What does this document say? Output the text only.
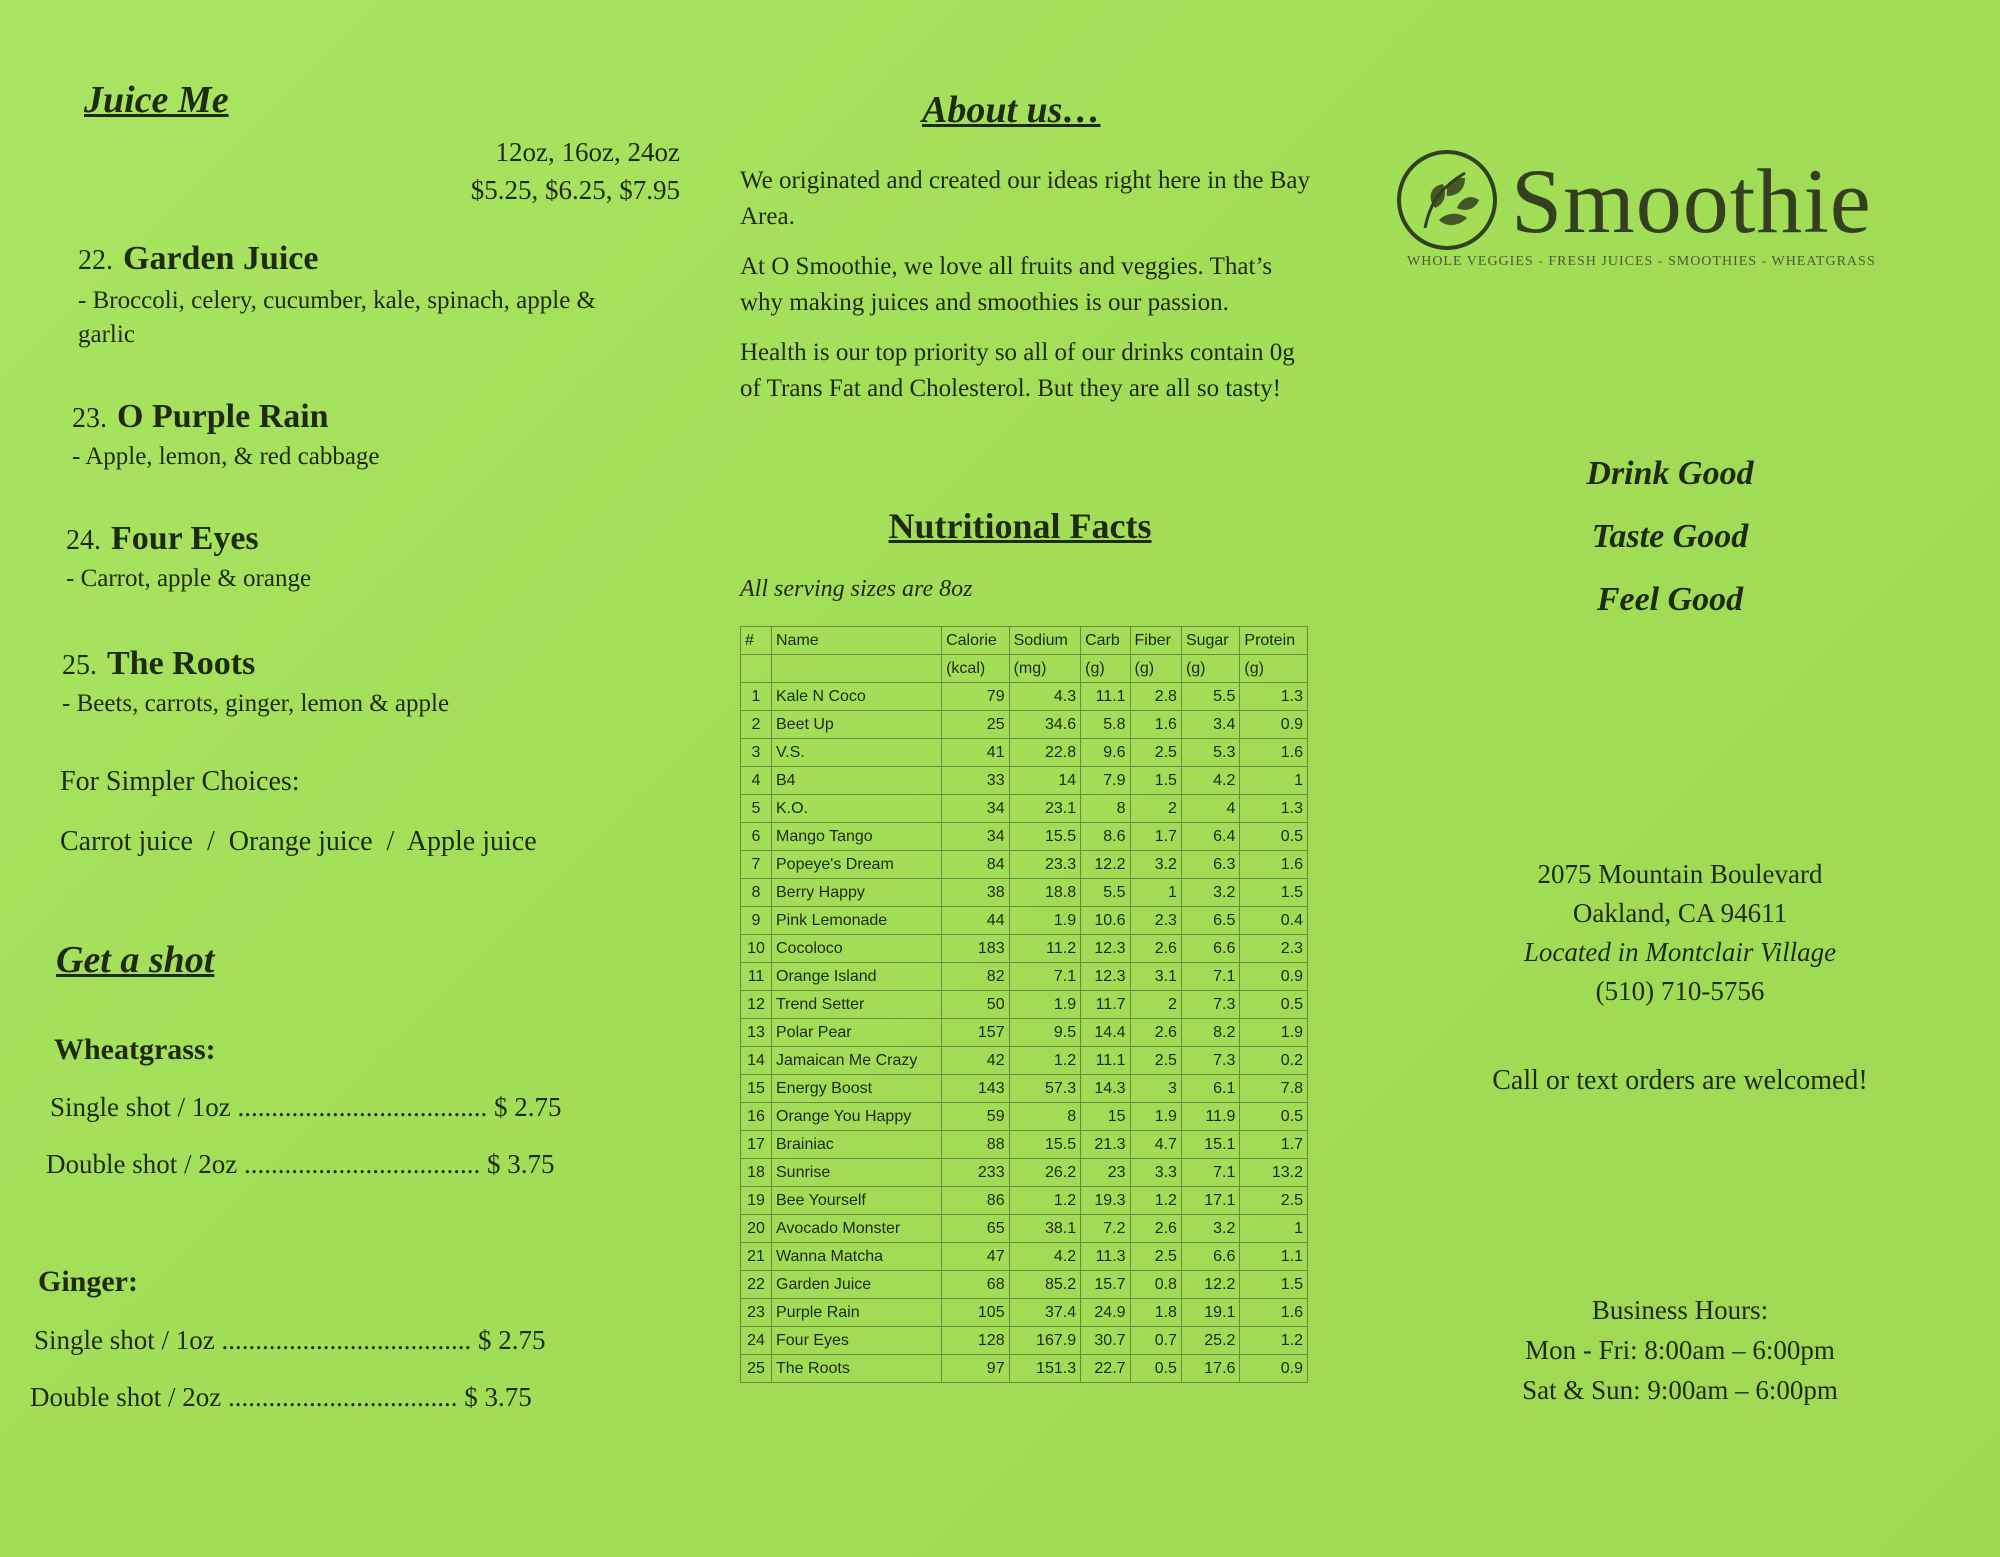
Juice Me
12oz, 16oz, 24oz
$5.25, $6.25, $7.95
22. Garden Juice
- Broccoli, celery, cucumber, kale, spinach, apple & garlic
23. O Purple Rain
- Apple, lemon, & red cabbage
24. Four Eyes
- Carrot, apple & orange
25. The Roots
- Beets, carrots, ginger, lemon & apple
For Simpler Choices:
Carrot juice  /  Orange juice  /  Apple juice
Get a shot
Wheatgrass:
Single shot / 1oz ..................................... $ 2.75
Double shot / 2oz ................................... $ 3.75
Ginger:
Single shot / 1oz ..................................... $ 2.75
Double shot / 2oz .................................. $ 3.75
About us…

We originated and created our ideas right here in the Bay Area.

At O Smoothie, we love all fruits and veggies. That’s why making juices and smoothies is our passion.

Health is our top priority so all of our drinks contain 0g of Trans Fat and Cholesterol. But they are all so tasty!

Nutritional Facts
All serving sizes are 8oz
#	Name	Calorie	Sodium	Carb	Fiber	Sugar	Protein
		(kcal)	(mg)	(g)	(g)	(g)	(g)
1	Kale N Coco	79	4.3	11.1	2.8	5.5	1.3
2	Beet Up	25	34.6	5.8	1.6	3.4	0.9
3	V.S.	41	22.8	9.6	2.5	5.3	1.6
4	B4	33	14	7.9	1.5	4.2	1
5	K.O.	34	23.1	8	2	4	1.3
6	Mango Tango	34	15.5	8.6	1.7	6.4	0.5
7	Popeye's Dream	84	23.3	12.2	3.2	6.3	1.6
8	Berry Happy	38	18.8	5.5	1	3.2	1.5
9	Pink Lemonade	44	1.9	10.6	2.3	6.5	0.4
10	Cocoloco	183	11.2	12.3	2.6	6.6	2.3
11	Orange Island	82	7.1	12.3	3.1	7.1	0.9
12	Trend Setter	50	1.9	11.7	2	7.3	0.5
13	Polar Pear	157	9.5	14.4	2.6	8.2	1.9
14	Jamaican Me Crazy	42	1.2	11.1	2.5	7.3	0.2
15	Energy Boost	143	57.3	14.3	3	6.1	7.8
16	Orange You Happy	59	8	15	1.9	11.9	0.5
17	Brainiac	88	15.5	21.3	4.7	15.1	1.7
18	Sunrise	233	26.2	23	3.3	7.1	13.2
19	Bee Yourself	86	1.2	19.3	1.2	17.1	2.5
20	Avocado Monster	65	38.1	7.2	2.6	3.2	1
21	Wanna Matcha	47	4.2	11.3	2.5	6.6	1.1
22	Garden Juice	68	85.2	15.7	0.8	12.2	1.5
23	Purple Rain	105	37.4	24.9	1.8	19.1	1.6
24	Four Eyes	128	167.9	30.7	0.7	25.2	1.2
25	The Roots	97	151.3	22.7	0.5	17.6	0.9
Smoothie
WHOLE VEGGIES - FRESH JUICES - SMOOTHIES - WHEATGRASS
Drink Good
Taste Good
Feel Good
2075 Mountain Boulevard
Oakland, CA 94611
Located in Montclair Village
(510) 710-5756
Call or text orders are welcomed!
Business Hours:
Mon - Fri: 8:00am – 6:00pm
Sat & Sun: 9:00am – 6:00pm
